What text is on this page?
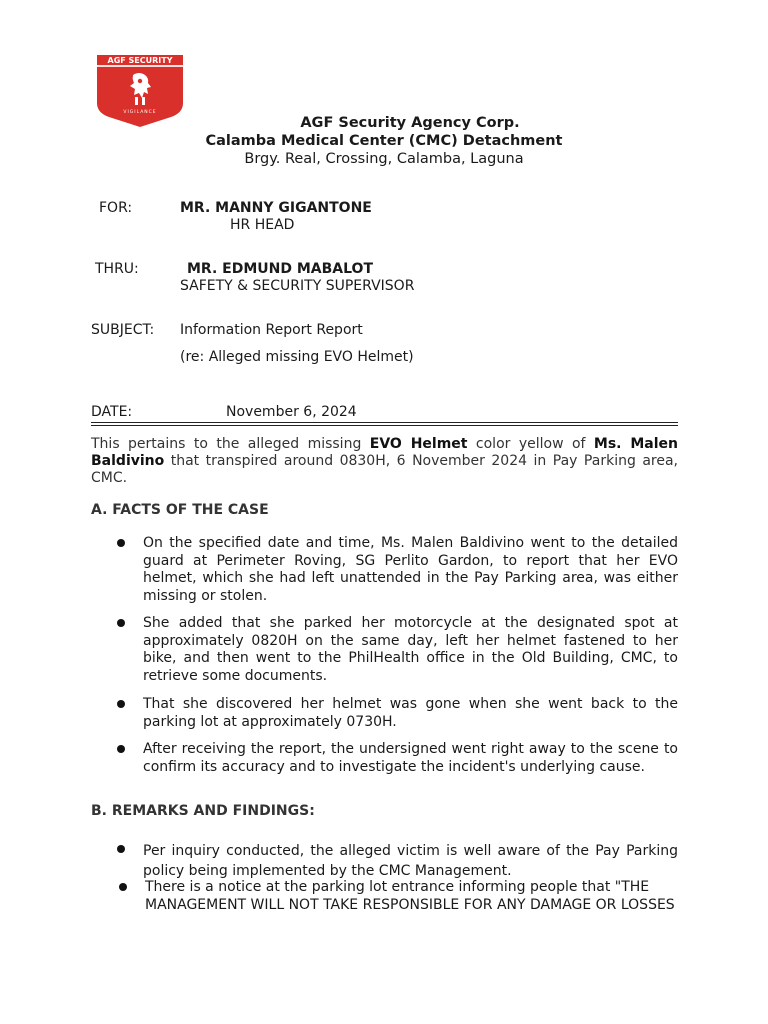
AGF SECURITY
VIGILANCE
AGF Security Agency Corp.
Calamba Medical Center (CMC) Detachment
Brgy. Real, Crossing, Calamba, Laguna
FOR:	MR. MANNY GIGANTONE
HR HEAD
THRU:	MR. EDMUND MABALOT
SAFETY & SECURITY SUPERVISOR
SUBJECT: Information Report Report
(re: Alleged missing EVO Helmet)
DATE:	November 6, 2024
This pertains to the alleged missing EVO Helmet color yellow of Ms. Malen Baldivino that transpired around 0830H, 6 November 2024 in Pay Parking area, CMC.
A. FACTS OF THE CASE
On the specified date and time, Ms. Malen Baldivino went to the detailed guard at Perimeter Roving, SG Perlito Gardon, to report that her EVO helmet, which she had left unattended in the Pay Parking area, was either missing or stolen.
She added that she parked her motorcycle at the designated spot at approximately 0820H on the same day, left her helmet fastened to her bike, and then went to the PhilHealth office in the Old Building, CMC, to retrieve some documents.
That she discovered her helmet was gone when she went back to the parking lot at approximately 0730H.
After receiving the report, the undersigned went right away to the scene to confirm its accuracy and to investigate the incident's underlying cause.
B. REMARKS AND FINDINGS:
Per inquiry conducted, the alleged victim is well aware of the Pay Parking policy being implemented by the CMC Management.
There is a notice at the parking lot entrance informing people that "THE MANAGEMENT WILL NOT TAKE RESPONSIBLE FOR ANY DAMAGE OR LOSSES
